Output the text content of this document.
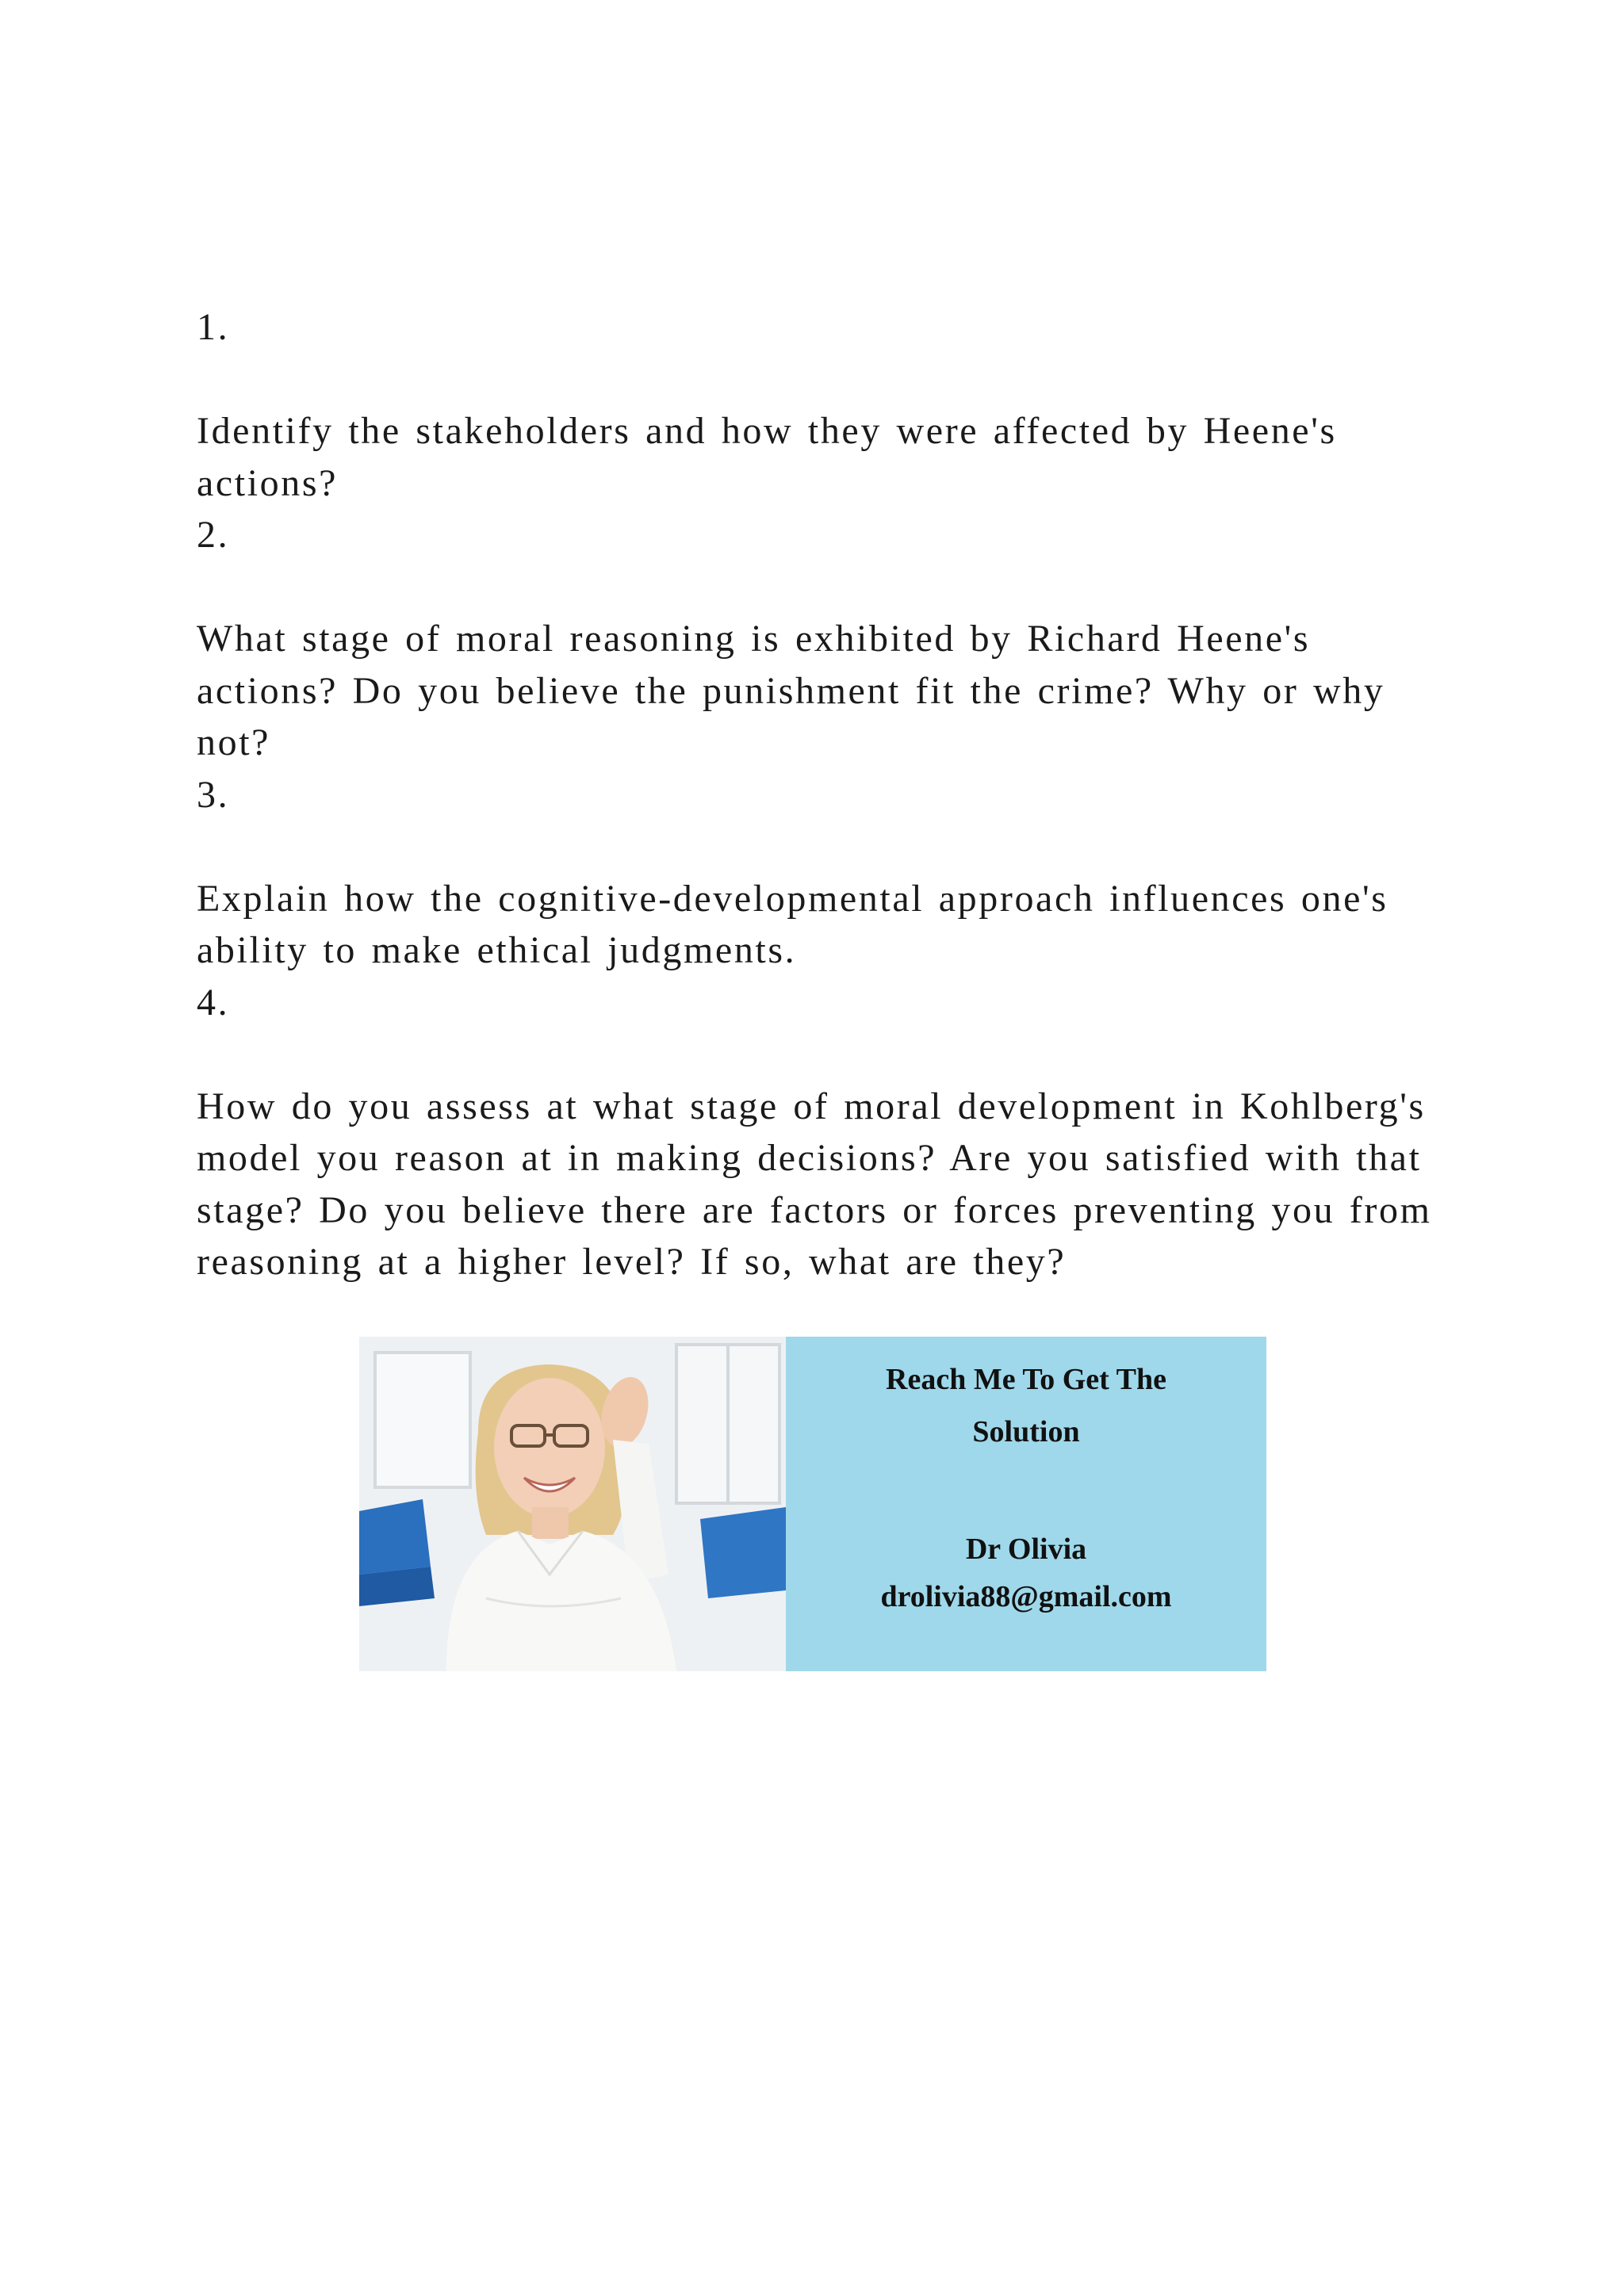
1.

Identify the stakeholders and how they were affected by Heene's actions?

2.

What stage of moral reasoning is exhibited by Richard Heene's actions? Do you believe the punishment fit the crime? Why or why not?

3.

Explain how the cognitive-developmental approach influences one's ability to make ethical judgments.

4.

How do you assess at what stage of moral development in Kohlberg's model you reason at in making decisions? Are you satisfied with that stage? Do you believe there are factors or forces preventing you from reasoning at a higher level? If so, what are they?

Reach Me To Get The
Solution
Dr Olivia
drolivia88@gmail.com
